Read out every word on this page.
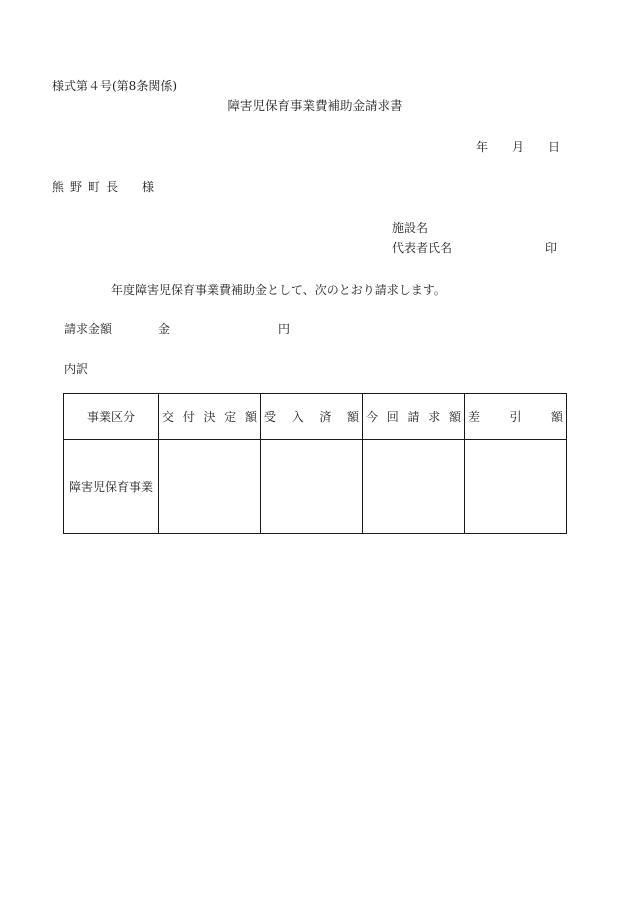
様式第４号(第8条関係)
障害児保育事業費補助金請求書
年 月 日
熊野町長　様
施設名
代表者氏名	印
年度障害児保育事業費補助金として、次のとおり請求します。
請求金額	金	円
内訳
事業区分	交 付 決 定 額	受 入 済 額	今 回 請 求 額	差 引 額

障害児保育事業				
